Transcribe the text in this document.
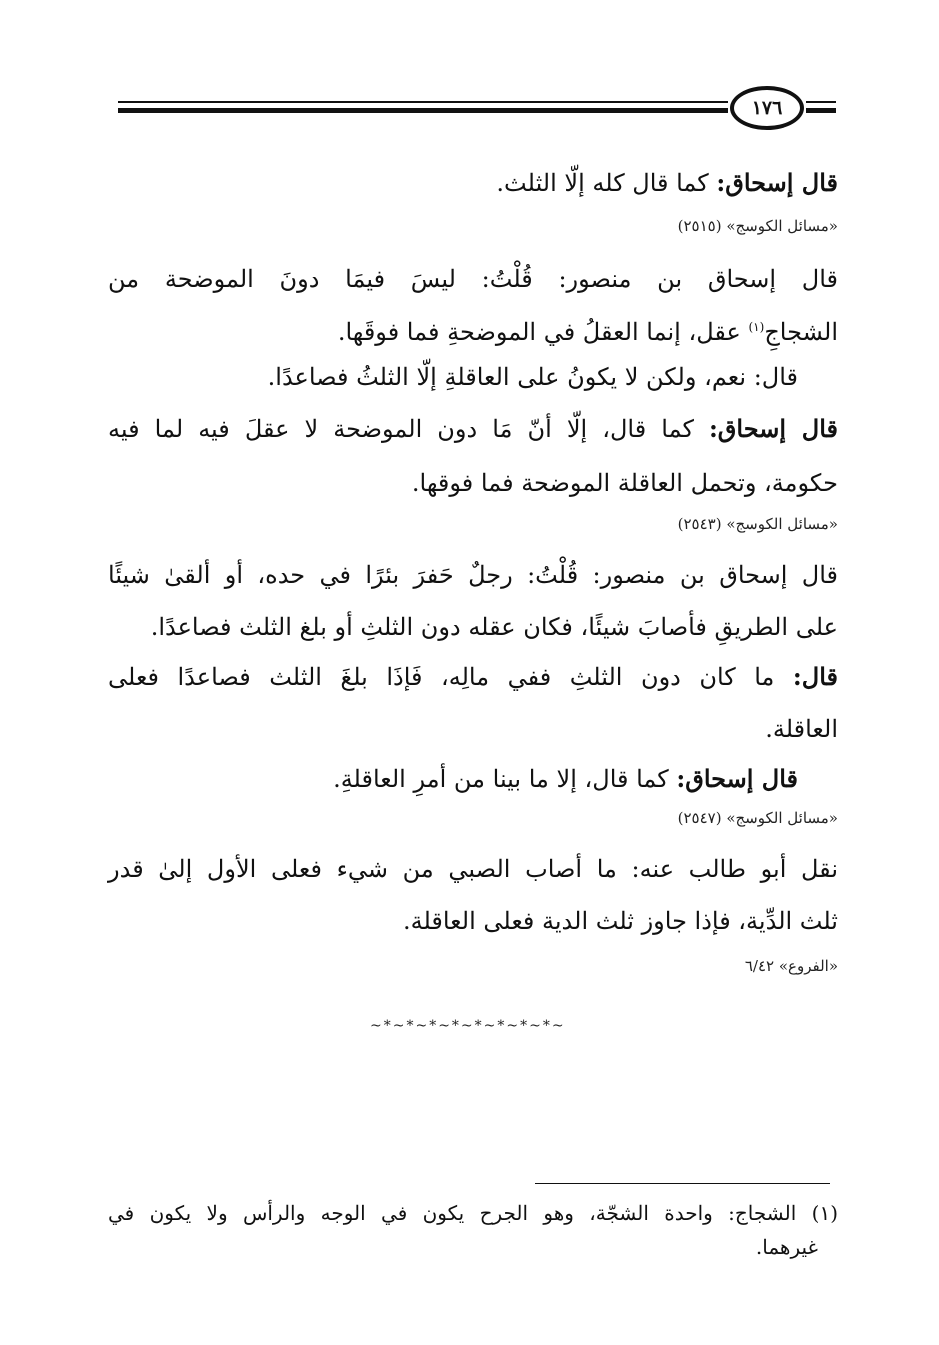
١٧٦
قال إسحاق: كما قال كله إلّا الثلث.
«مسائل الكوسج» (٢٥١٥)
قال إسحاق بن منصور: قُلْتُ: ليسَ فيمَا دونَ الموضحة من
الشجاجِ$^{(١)}$ عقل، إنما العقلُ في الموضحةِ فما فوقَها.
قال: نعم، ولكن لا يكونُ على العاقلةِ إلّا الثلثُ فصاعدًا.
قال إسحاق: كما قال، إلّا أنّ مَا دون الموضحة لا عقلَ فيه لما فيه
حكومة، وتحمل العاقلة الموضحة فما فوقها.
«مسائل الكوسج» (٢٥٤٣)
قال إسحاق بن منصور: قُلْتُ: رجلٌ حَفرَ بئرًا في حده، أو ألقىٰ شيئًا
على الطريقِ فأصابَ شيئًا، فكان عقله دون الثلثِ أو بلغ الثلث فصاعدًا.
قال: ما كان دون الثلثِ ففي مالِه، فَإذَا بلغَ الثلث فصاعدًا فعلى
العاقلة.
قال إسحاق: كما قال، إلا ما بينا من أمرِ العاقلةِ.
«مسائل الكوسج» (٢٥٤٧)
نقل أبو طالب عنه: ما أصاب الصبي من شيء فعلى الأول إلىٰ قدر
ثلث الدِّية، فإذا جاوز ثلث الدية فعلى العاقلة.
«الفروع» ٦/٤٢
~*~*~*~*~*~*~*~*~
(١) الشجاج: واحدة الشجّة، وهو الجرح يكون في الوجه والرأس ولا يكون في
غيرهما.
